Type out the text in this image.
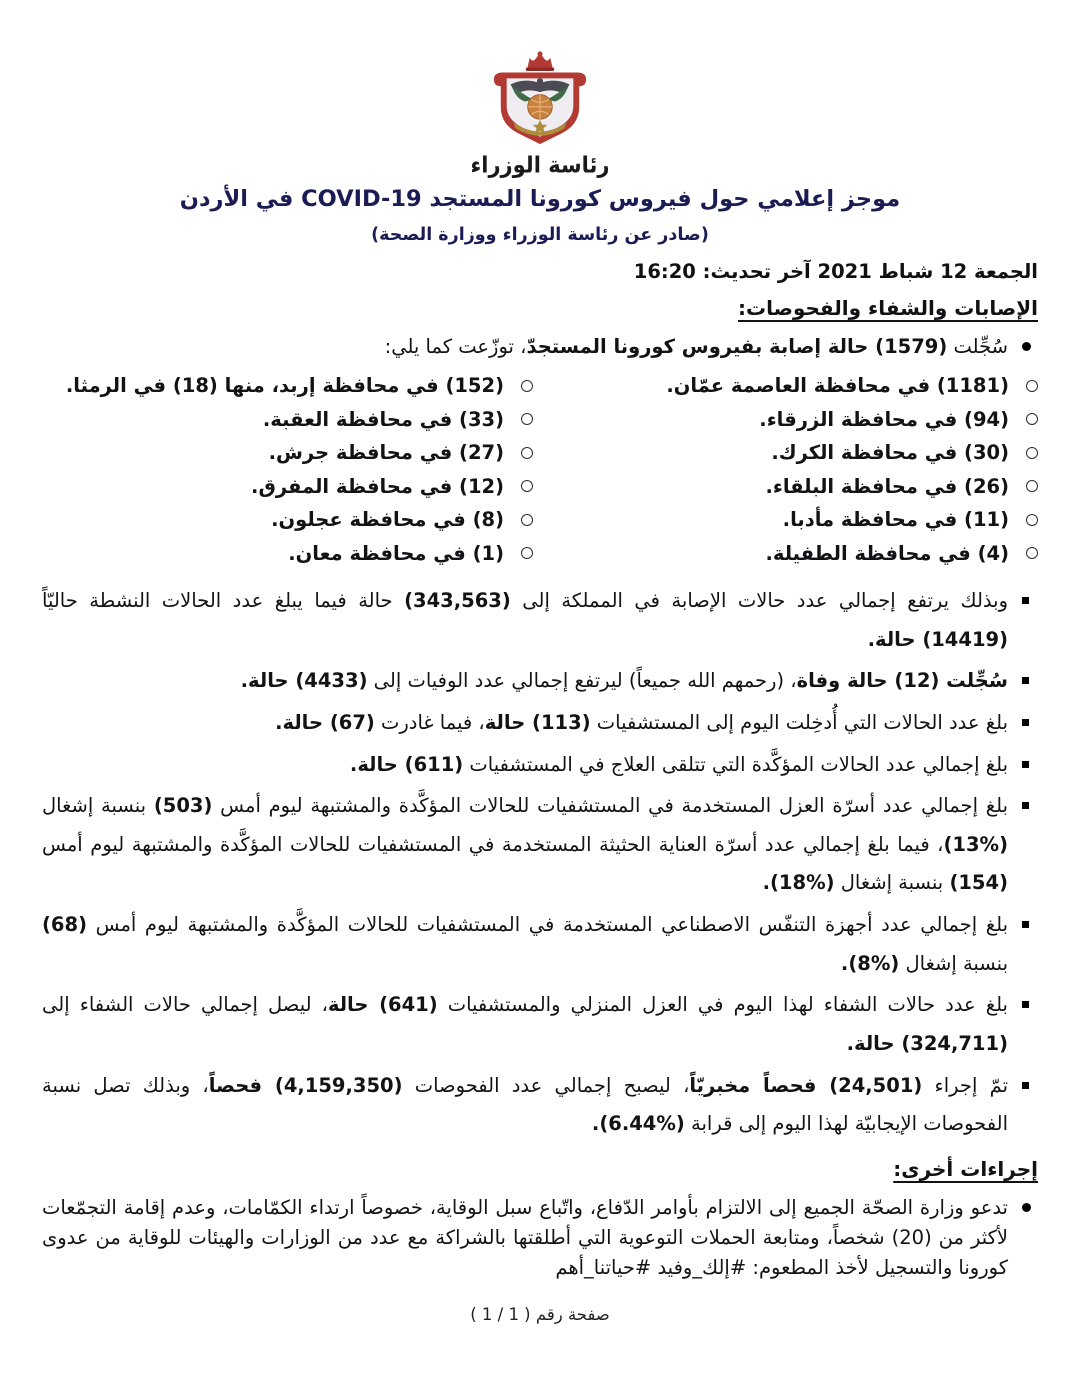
رئاسة الوزراء
موجز إعلامي حول فيروس كورونا المستجد COVID-19 في الأردن
(صادر عن رئاسة الوزراء ووزارة الصحة)
الجمعة 12 شباط 2021 آخر تحديث: 16:20
الإصابات والشفاء والفحوصات:
سُجِّلت (1579) حالة إصابة بفيروس كورونا المستجدّ، توزّعت كما يلي:
(1181) في محافظة العاصمة عمّان.
(152) في محافظة إربد، منها (18) في الرمثا.
(94) في محافظة الزرقاء.
(33) في محافظة العقبة.
(30) في محافظة الكرك.
(27) في محافظة جرش.
(26) في محافظة البلقاء.
(12) في محافظة المفرق.
(11) في محافظة مأدبا.
(8) في محافظة عجلون.
(4) في محافظة الطفيلة.
(1) في محافظة معان.
وبذلك يرتفع إجمالي عدد حالات الإصابة في المملكة إلى (343,563) حالة فيما يبلغ عدد الحالات النشطة حاليّاً (14419) حالة.
سُجِّلت (12) حالة وفاة، (رحمهم الله جميعاً) ليرتفع إجمالي عدد الوفيات إلى (4433) حالة.
بلغ عدد الحالات التي أُدخِلت اليوم إلى المستشفيات (113) حالة، فيما غادرت (67) حالة.
بلغ إجمالي عدد الحالات المؤكَّدة التي تتلقى العلاج في المستشفيات (611) حالة.
بلغ إجمالي عدد أسرّة العزل المستخدمة في المستشفيات للحالات المؤكَّدة والمشتبهة ليوم أمس (503) بنسبة إشغال (%13)، فيما بلغ إجمالي عدد أسرّة العناية الحثيثة المستخدمة في المستشفيات للحالات المؤكَّدة والمشتبهة ليوم أمس (154) بنسبة إشغال (%18).
بلغ إجمالي عدد أجهزة التنفّس الاصطناعي المستخدمة في المستشفيات للحالات المؤكَّدة والمشتبهة ليوم أمس (68) بنسبة إشغال (%8).
بلغ عدد حالات الشفاء لهذا اليوم في العزل المنزلي والمستشفيات (641) حالة، ليصل إجمالي حالات الشفاء إلى (324,711) حالة.
تمّ إجراء (24,501) فحصاً مخبريّاً، ليصبح إجمالي عدد الفحوصات (4,159,350) فحصاً، وبذلك تصل نسبة الفحوصات الإيجابيّة لهذا اليوم إلى قرابة (%6.44).
إجراءات أخرى:
تدعو وزارة الصحّة الجميع إلى الالتزام بأوامر الدّفاع، واتّباع سبل الوقاية، خصوصاً ارتداء الكمّامات، وعدم إقامة التجمّعات لأكثر من (20) شخصاً، ومتابعة الحملات التوعوية التي أطلقتها بالشراكة مع عدد من الوزارات والهيئات للوقاية من عدوى كورونا والتسجيل لأخذ المطعوم: #إلك_وفيد #حياتنا_أهم
صفحة رقم ( 1 / 1 )
